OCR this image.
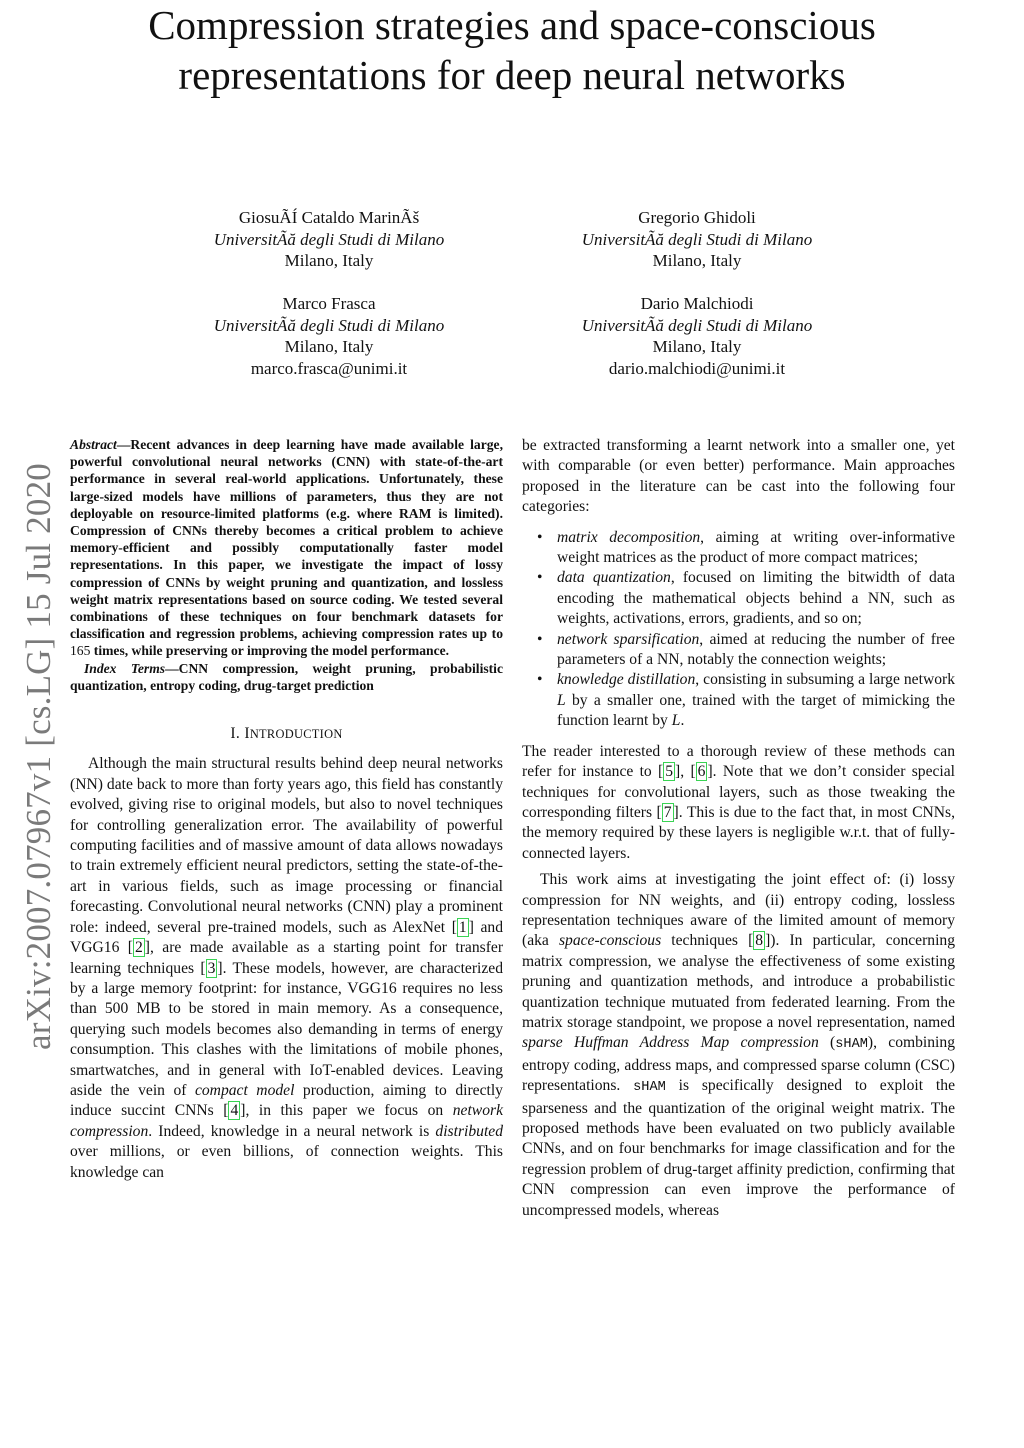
Compression strategies and space-conscious
representations for deep neural networks
GiosuÃÍ Cataldo MarinÃš
UniversitÃă degli Studi di Milano
Milano, Italy
Gregorio Ghidoli
UniversitÃă degli Studi di Milano
Milano, Italy
Marco Frasca
UniversitÃă degli Studi di Milano
Milano, Italy
marco.frasca@unimi.it
Dario Malchiodi
UniversitÃă degli Studi di Milano
Milano, Italy
dario.malchiodi@unimi.it
arXiv:2007.07967v1 [cs.LG] 15 Jul 2020

Abstract—Recent advances in deep learning have made available large, powerful convolutional neural networks (CNN) with state-of-the-art performance in several real-world applications. Unfortunately, these large-sized models have millions of parameters, thus they are not deployable on resource-limited platforms (e.g. where RAM is limited). Compression of CNNs thereby becomes a critical problem to achieve memory-efficient and possibly computationally faster model representations. In this paper, we investigate the impact of lossy compression of CNNs by weight pruning and quantization, and lossless weight matrix representations based on source coding. We tested several combinations of these techniques on four benchmark datasets for classification and regression problems, achieving compression rates up to 165 times, while preserving or improving the model performance.

Index Terms—CNN compression, weight pruning, probabilistic quantization, entropy coding, drug-target prediction

I. INTRODUCTION

Although the main structural results behind deep neural networks (NN) date back to more than forty years ago, this field has constantly evolved, giving rise to original models, but also to novel techniques for controlling generalization error. The availability of powerful computing facilities and of massive amount of data allows nowadays to train extremely efficient neural predictors, setting the state-of-the-art in various fields, such as image processing or financial forecasting. Convolutional neural networks (CNN) play a prominent role: indeed, several pre-trained models, such as AlexNet [ 1 ] and VGG16 [ 2 ], are made available as a starting point for transfer learning techniques [ 3 ]. These models, however, are characterized by a large memory footprint: for instance, VGG16 requires no less than 500 MB to be stored in main memory. As a consequence, querying such models becomes also demanding in terms of energy consumption. This clashes with the limitations of mobile phones, smartwatches, and in general with IoT-enabled devices. Leaving aside the vein of compact model production, aiming to directly induce succint CNNs [ 4 ], in this paper we focus on network compression. Indeed, knowledge in a neural network is distributed over millions, or even billions, of connection weights. This knowledge can

be extracted transforming a learnt network into a smaller one, yet with comparable (or even better) performance. Main approaches proposed in the literature can be cast into the following four categories:

• matrix decomposition, aiming at writing over-informative weight matrices as the product of more compact matrices;
• data quantization, focused on limiting the bitwidth of data encoding the mathematical objects behind a NN, such as weights, activations, errors, gradients, and so on;
• network sparsification, aimed at reducing the number of free parameters of a NN, notably the connection weights;
• knowledge distillation, consisting in subsuming a large network L by a smaller one, trained with the target of mimicking the function learnt by L.

The reader interested to a thorough review of these methods can refer for instance to [ 5 ], [ 6 ]. Note that we don’t consider special techniques for convolutional layers, such as those tweaking the corresponding filters [ 7 ]. This is due to the fact that, in most CNNs, the memory required by these layers is negligible w.r.t. that of fully-connected layers.

This work aims at investigating the joint effect of: (i) lossy compression for NN weights, and (ii) entropy coding, lossless representation techniques aware of the limited amount of memory (aka space-conscious techniques [ 8 ]). In particular, concerning matrix compression, we analyse the effectiveness of some existing pruning and quantization methods, and introduce a probabilistic quantization technique mutuated from federated learning. From the matrix storage standpoint, we propose a novel representation, named sparse Huffman Address Map compression (sHAM), combining entropy coding, address maps, and compressed sparse column (CSC) representations. sHAM is specifically designed to exploit the sparseness and the quantization of the original weight matrix. The proposed methods have been evaluated on two publicly available CNNs, and on four benchmarks for image classification and for the regression problem of drug-target affinity prediction, confirming that CNN compression can even improve the performance of uncompressed models, whereas
